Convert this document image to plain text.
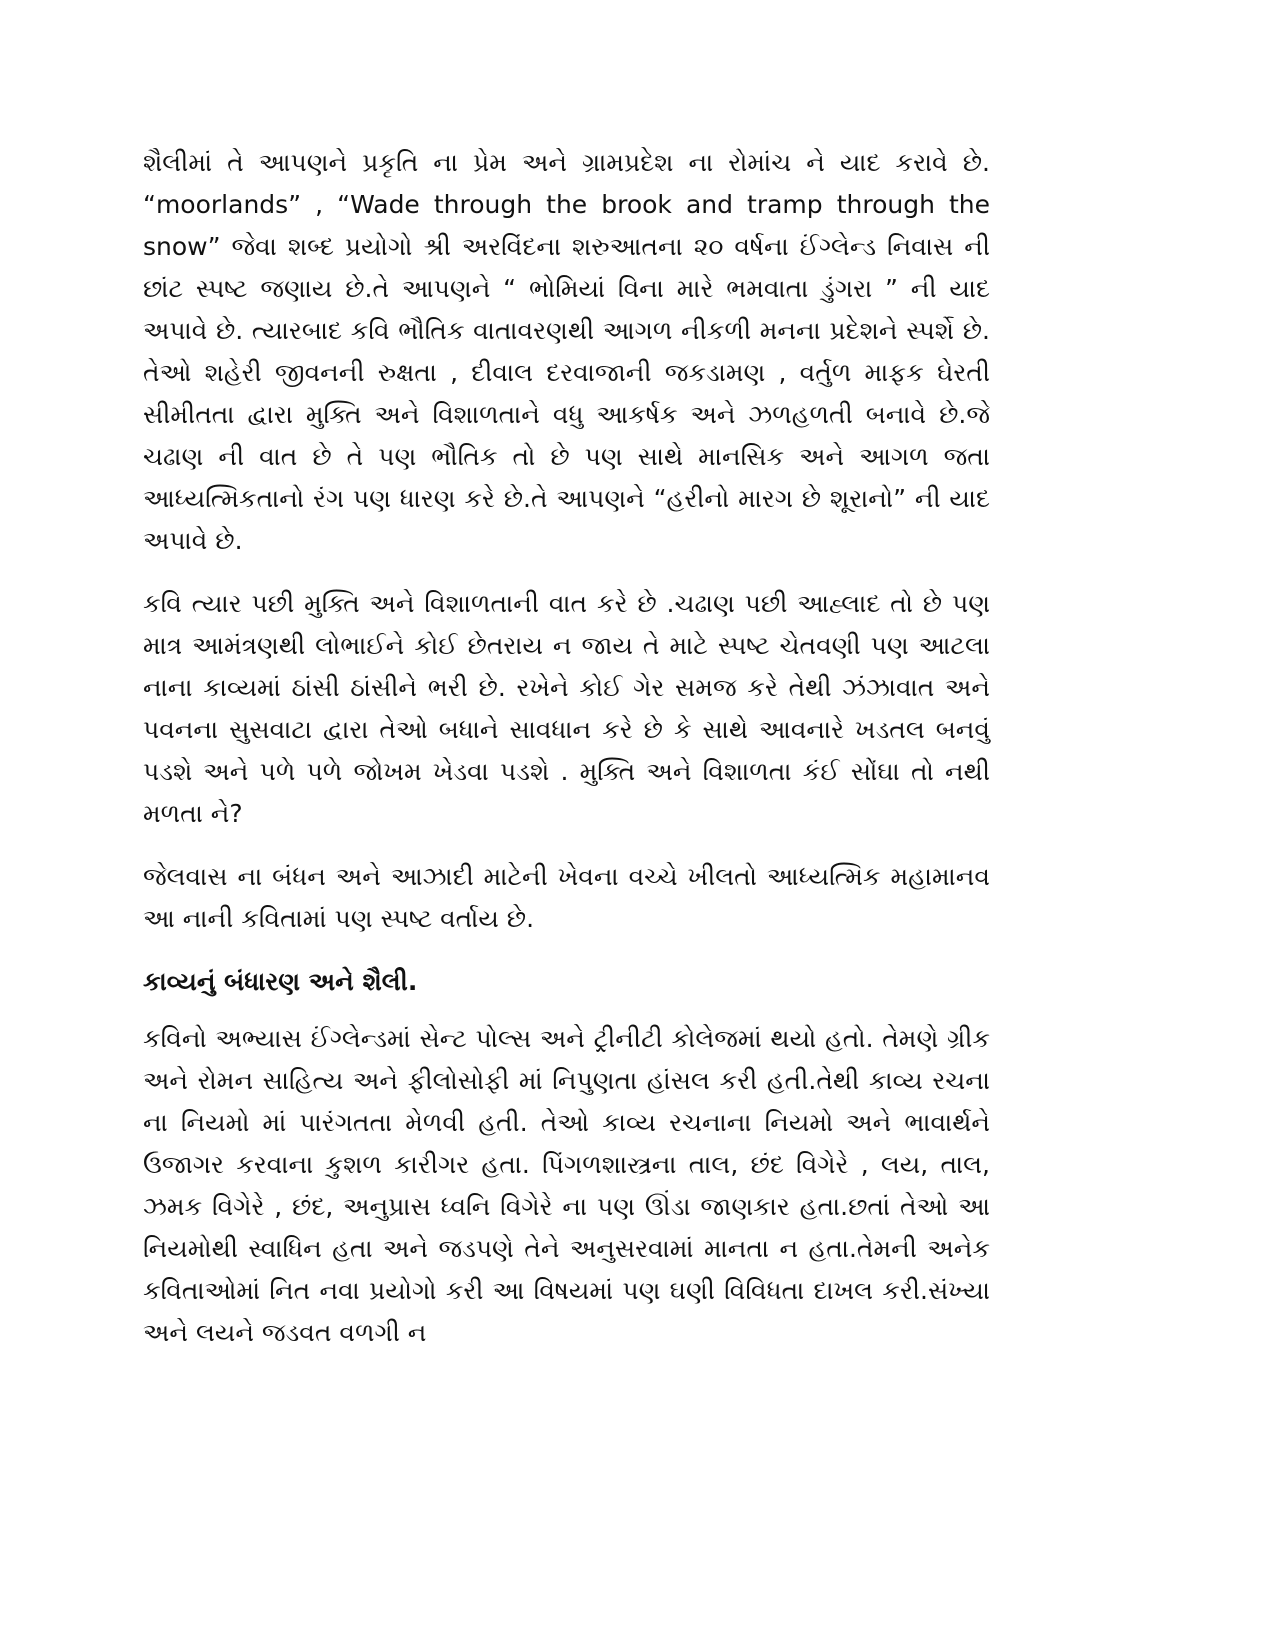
શૈલીમાં તે આપણને પ્રકૃતિ ના પ્રેમ અને ગ્રામપ્રદેશ ના રોમાંચ ને યાદ કરાવે છે. “moorlands” , “Wade through the brook and tramp through the snow” જેવા શબ્દ પ્રયોગો શ્રી અરવિંદના શરુઆતના ૨૦ વર્ષના ઈંગ્લેન્ડ નિવાસ ની છાંટ સ્પષ્ટ જણાય છે.તે આપણને “ ભોમિયાં વિના મારે ભમવાતા ડુંગરા ” ની યાદ અપાવે છે. ત્યારબાદ કવિ ભૌતિક વાતાવરણથી આગળ નીકળી મનના પ્રદેશને સ્પર્શે છે. તેઓ શહેરી જીવનની રુક્ષતા , દીવાલ દરવાજાની જકડામણ , વર્તુળ માફક ઘેરતી સીમીતતા દ્વારા મુક્તિ અને વિશાળતાને વધુ આકર્ષક અને ઝળહળતી બનાવે છે.જે ચઢાણ ની વાત છે તે પણ ભૌતિક તો છે પણ સાથે માનસિક અને આગળ જતા આધ્યત્મિકતાનો રંગ પણ ધારણ કરે છે.તે આપણને “હરીનો મારગ છે શૂરાનો” ની યાદ અપાવે છે.

કવિ ત્યાર પછી મુક્તિ અને વિશાળતાની વાત કરે છે .ચઢાણ પછી આહ્લાદ તો છે પણ માત્ર આમંત્રણથી લોભાઈને કોઈ છેતરાય ન જાય તે માટે સ્પષ્ટ ચેતવણી પણ આટલા નાના કાવ્યમાં ઠાંસી ઠાંસીને ભરી છે. રખેને કોઈ ગેર સમજ કરે તેથી ઝંઝાવાત અને પવનના સુસવાટા દ્વારા તેઓ બધાને સાવધાન કરે છે કે સાથે આવનારે ખડતલ બનવું પડશે અને પળે પળે જોખમ ખેડવા પડશે . મુક્તિ અને વિશાળતા કંઈ સોંઘા તો નથી મળતા ને?

જેલવાસ ના બંધન અને આઝાદી માટેની ખેવના વચ્ચે ખીલતો આધ્યત્મિક મહામાનવ આ નાની કવિતામાં પણ સ્પષ્ટ વર્તાય છે.

કાવ્યનું બંધારણ અને શૈલી.

કવિનો અભ્યાસ ઈંગ્લેન્ડમાં સેન્ટ પોલ્સ અને ટ્રીનીટી કોલેજમાં થયો હતો. તેમણે ગ્રીક અને રોમન સાહિત્ય અને ફીલોસોફી માં નિપુણતા હાંસલ કરી હતી.તેથી કાવ્ય રચના ના નિયમો માં પારંગતતા મેળવી હતી. તેઓ કાવ્ય રચનાના નિયમો અને ભાવાર્થને ઉજાગર કરવાના કુશળ કારીગર હતા. પિંગળશાસ્ત્રના તાલ, છંદ વિગેરે , લય, તાલ, ઝમક વિગેરે , છંદ, અનુપ્રાસ ધ્વનિ વિગેરે ના પણ ઊંડા જાણકાર હતા.છતાં તેઓ આ નિયમોથી સ્વાધિન હતા અને જડપણે તેને અનુસરવામાં માનતા ન હતા.તેમની અનેક કવિતાઓમાં નિત નવા પ્રયોગો કરી આ વિષયમાં પણ ઘણી વિવિધતા દાખલ કરી.સંખ્યા અને લયને જડવત વળગી ન
